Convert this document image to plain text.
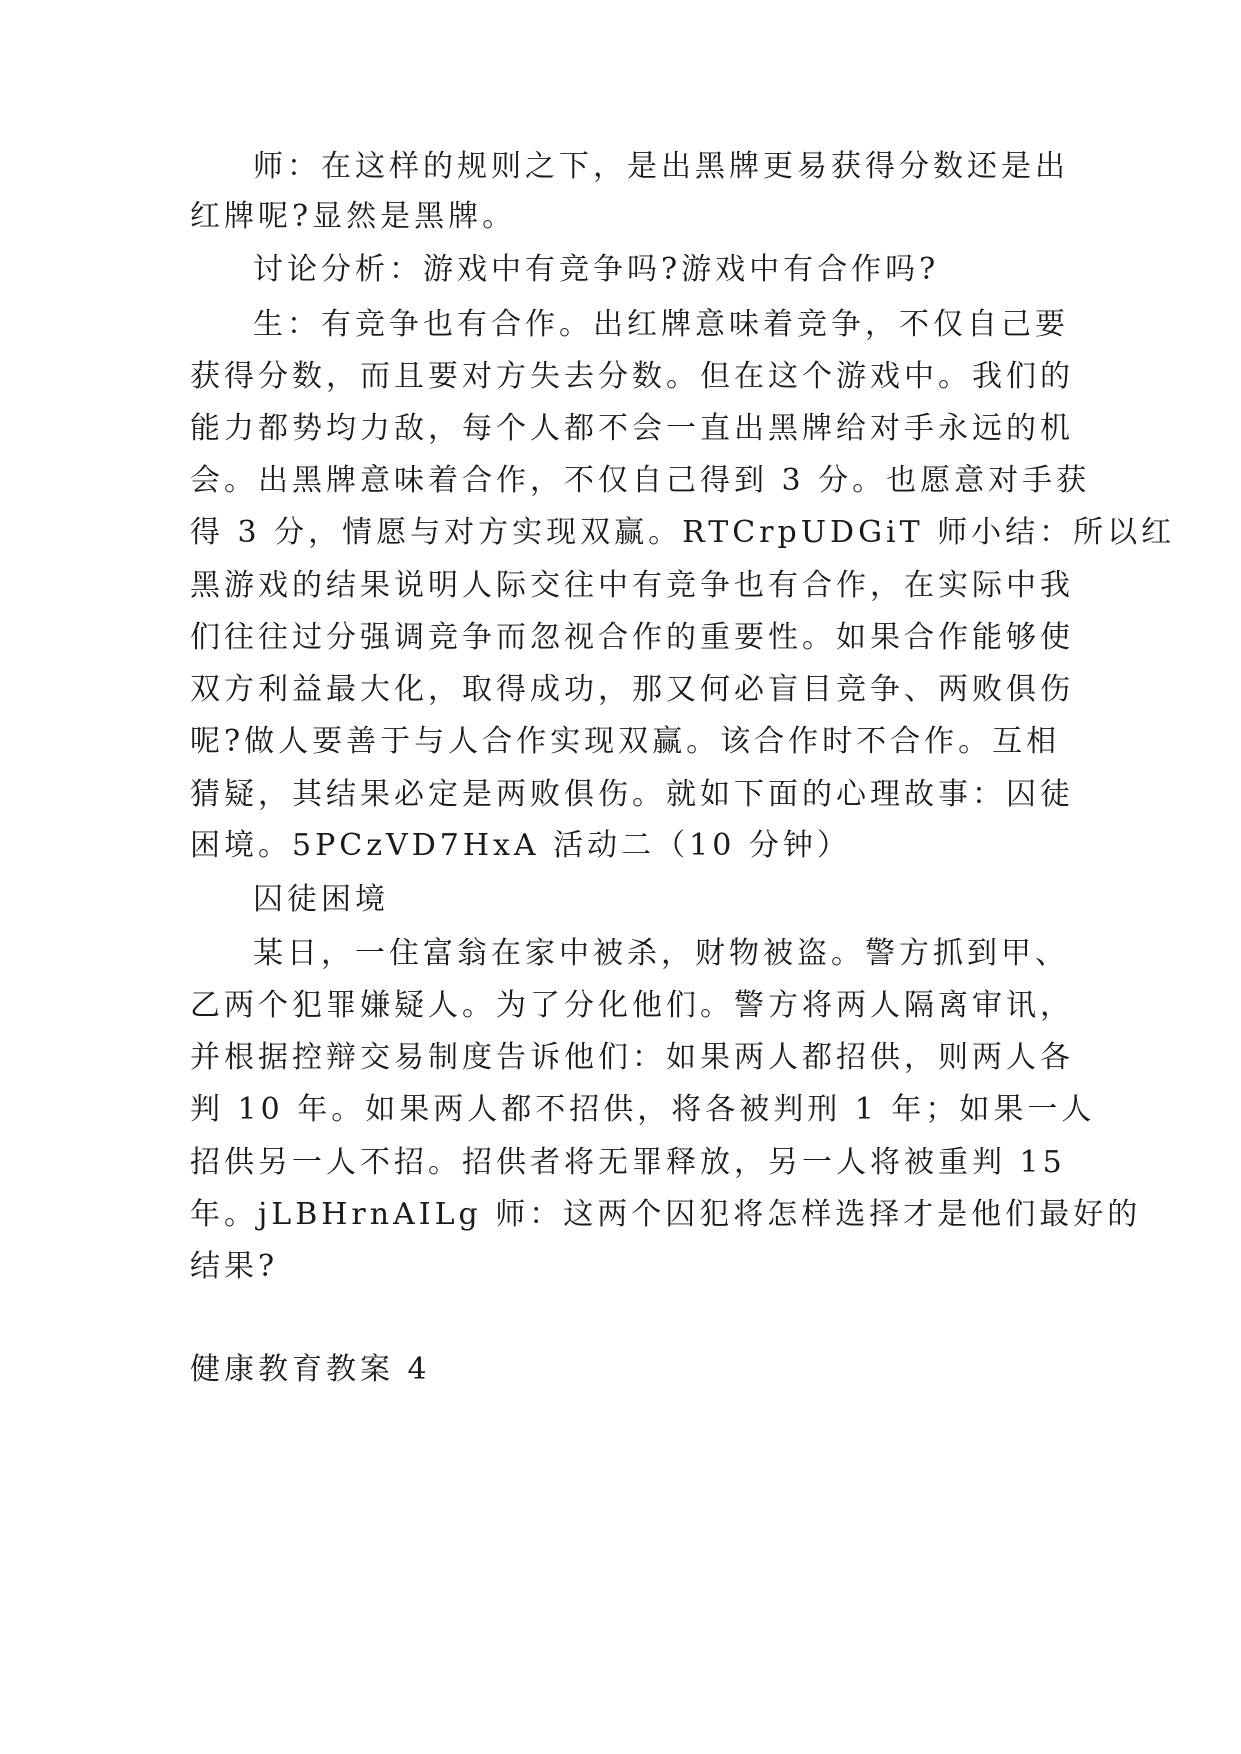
师：在这样的规则之下，是出黑牌更易获得分数还是出
红牌呢?显然是黑牌。
讨论分析：游戏中有竞争吗?游戏中有合作吗?
生：有竞争也有合作。出红牌意味着竞争，不仅自己要
获得分数，而且要对方失去分数。但在这个游戏中。我们的
能力都势均力敌，每个人都不会一直出黑牌给对手永远的机
会。出黑牌意味着合作，不仅自己得到 3 分。也愿意对手获
得 3 分，情愿与对方实现双赢。RTCrpUDGiT 师小结：所以红
黑游戏的结果说明人际交往中有竞争也有合作，在实际中我
们往往过分强调竞争而忽视合作的重要性。如果合作能够使
双方利益最大化，取得成功，那又何必盲目竞争、两败俱伤
呢?做人要善于与人合作实现双赢。该合作时不合作。互相
猜疑，其结果必定是两败俱伤。就如下面的心理故事：囚徒
困境。5PCzVD7HxA 活动二（10 分钟）
囚徒困境
某日，一住富翁在家中被杀，财物被盗。警方抓到甲、
乙两个犯罪嫌疑人。为了分化他们。警方将两人隔离审讯，
并根据控辩交易制度告诉他们：如果两人都招供，则两人各
判 10 年。如果两人都不招供，将各被判刑 1 年；如果一人
招供另一人不招。招供者将无罪释放，另一人将被重判 15
年。jLBHrnAILg 师：这两个囚犯将怎样选择才是他们最好的
结果?
健康教育教案 4
